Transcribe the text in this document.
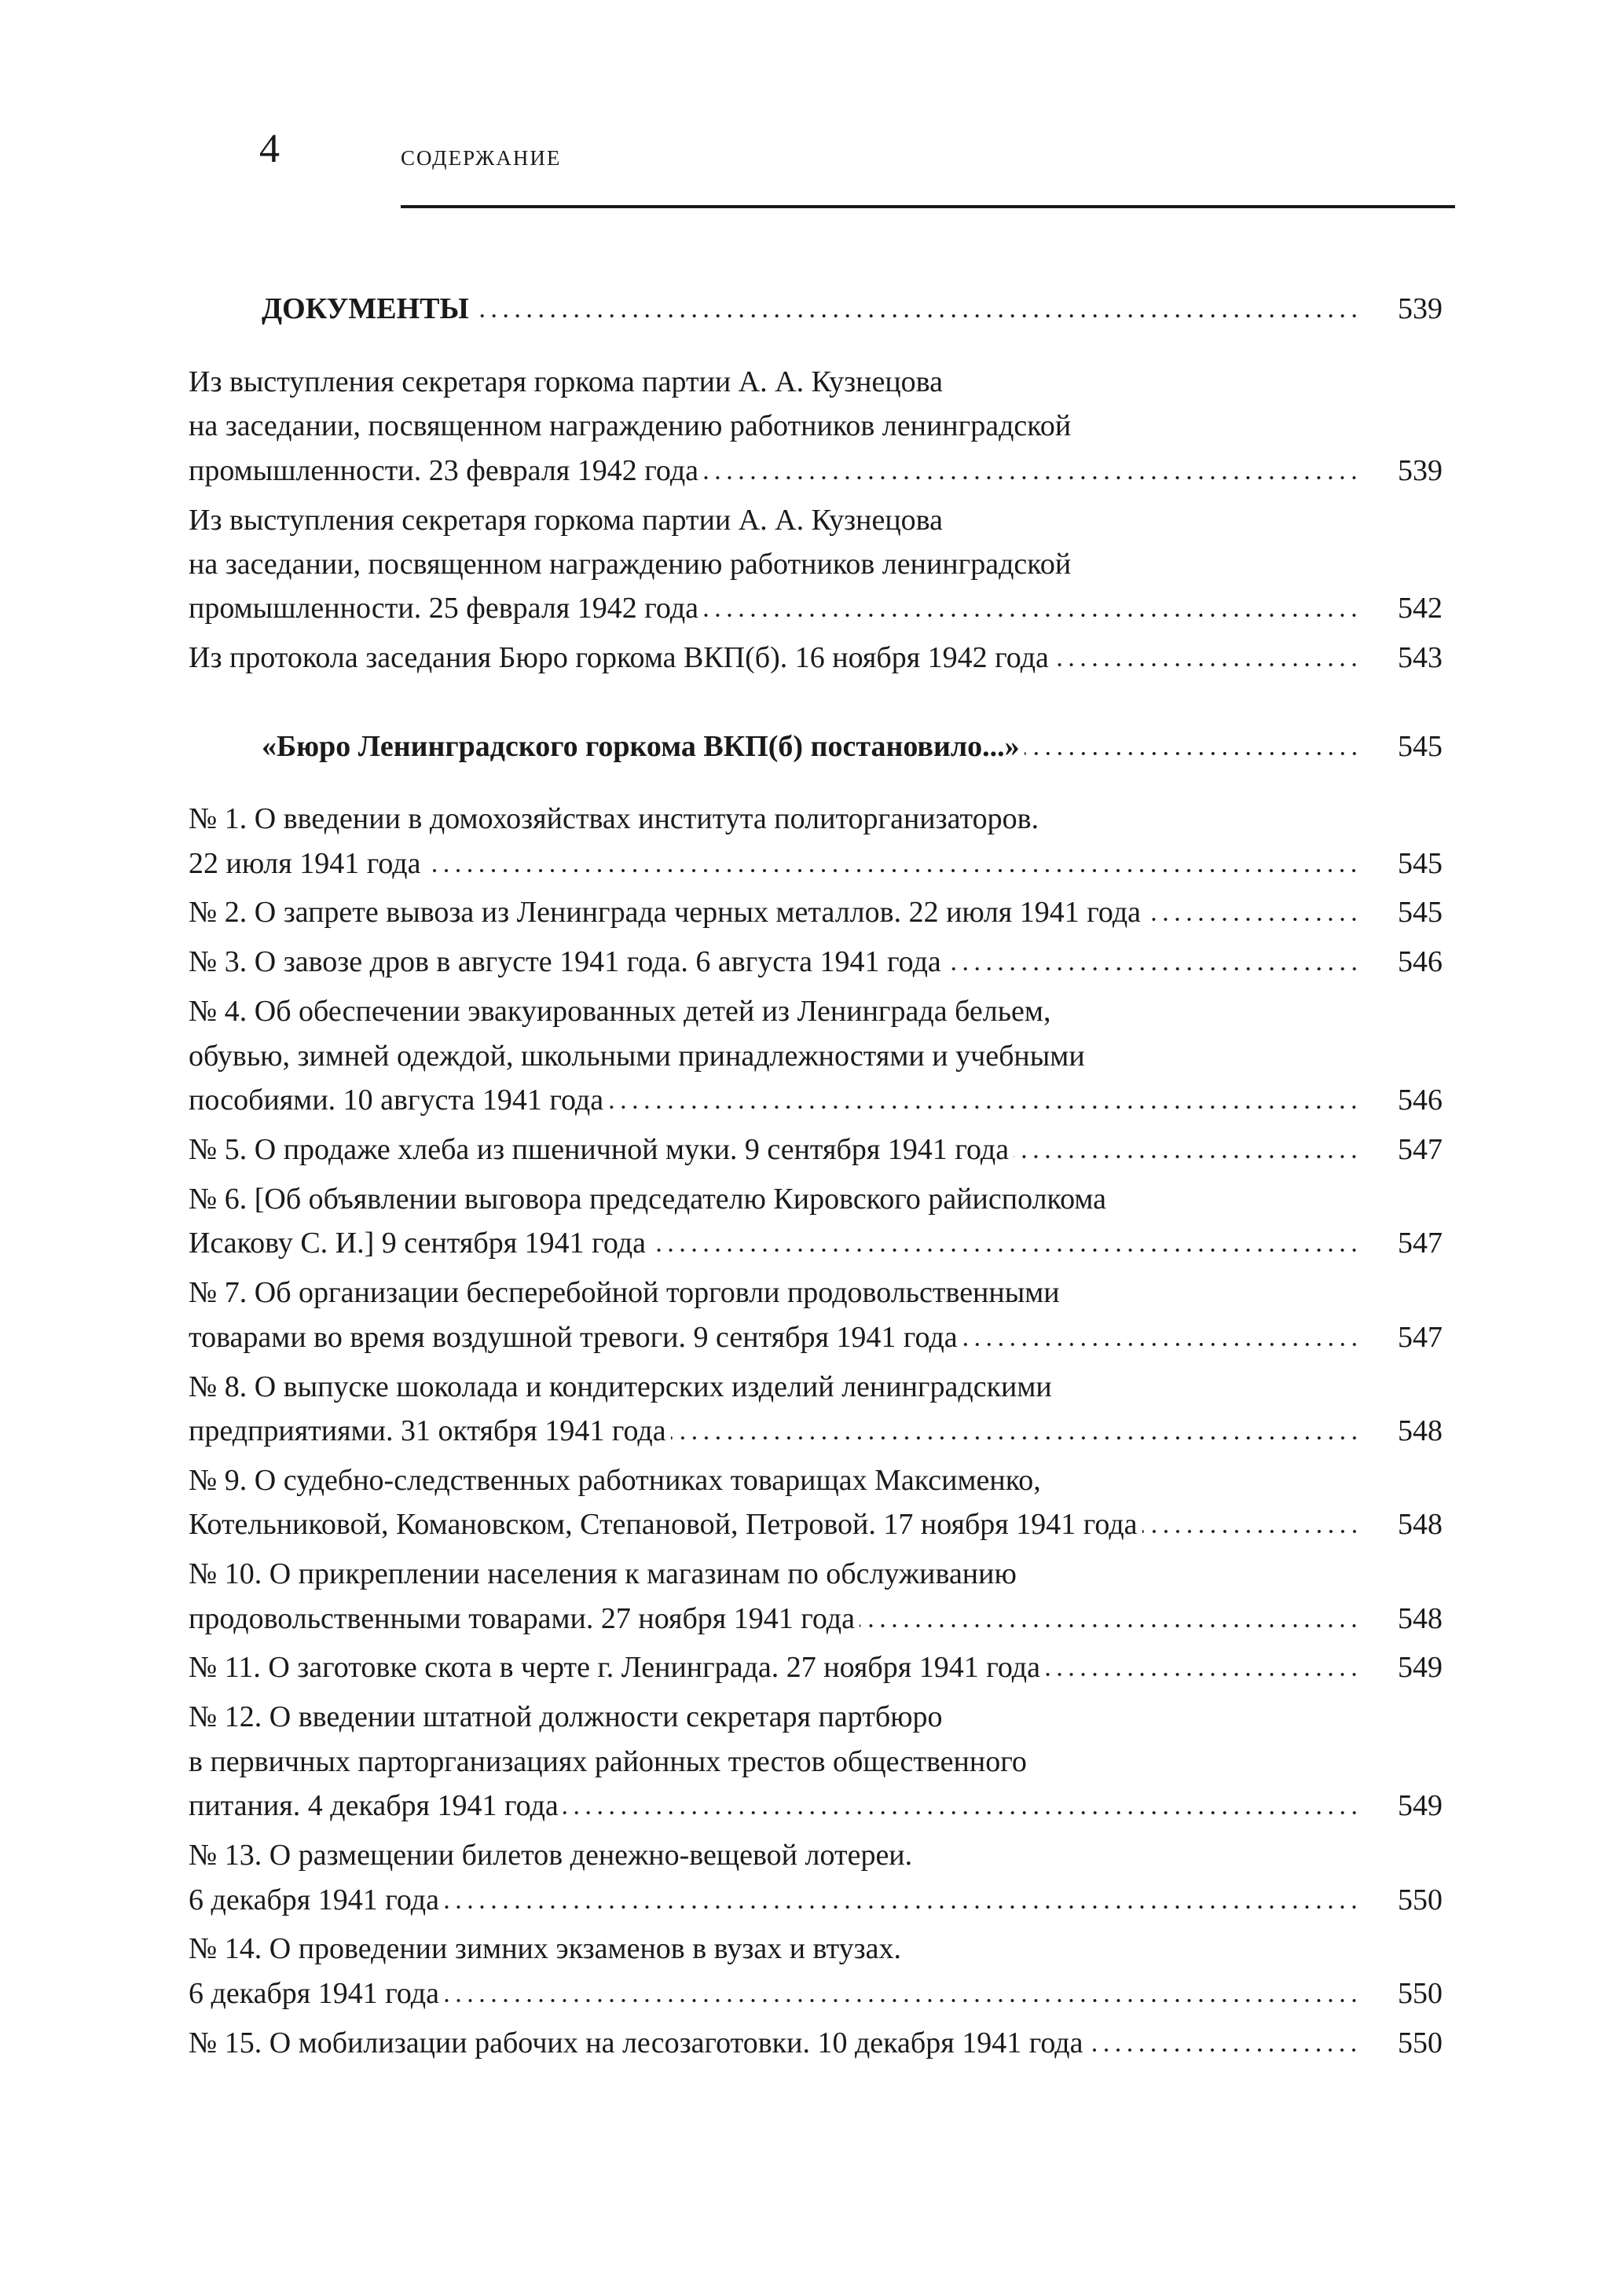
4	СОДЕРЖАНИЕ
ДОКУМЕНТЫ	539
Из выступления секретаря горкома партии А. А. Кузнецова
на заседании, посвященном награждению работников ленинградской
промышленности. 23 февраля 1942 года	539
Из выступления секретаря горкома партии А. А. Кузнецова
на заседании, посвященном награждению работников ленинградской
промышленности. 25 февраля 1942 года	542
Из протокола заседания Бюро горкома ВКП(б). 16 ноября 1942 года	543
«Бюро Ленинградского горкома ВКП(б) постановило...»	545
№ 1. О введении в домохозяйствах института политорганизаторов.
22 июля 1941 года	545
№ 2. О запрете вывоза из Ленинграда черных металлов. 22 июля 1941 года	545
№ 3. О завозе дров в августе 1941 года. 6 августа 1941 года	546
№ 4. Об обеспечении эвакуированных детей из Ленинграда бельем,
обувью, зимней одеждой, школьными принадлежностями и учебными
пособиями. 10 августа 1941 года	546
№ 5. О продаже хлеба из пшеничной муки. 9 сентября 1941 года	547
№ 6. [Об объявлении выговора председателю Кировского райисполкома
Исакову С. И.] 9 сентября 1941 года	547
№ 7. Об организации бесперебойной торговли продовольственными
товарами во время воздушной тревоги. 9 сентября 1941 года	547
№ 8. О выпуске шоколада и кондитерских изделий ленинградскими
предприятиями. 31 октября 1941 года	548
№ 9. О судебно-следственных работниках товарищах Максименко,
Котельниковой, Комановском, Степановой, Петровой. 17 ноября 1941 года	548
№ 10. О прикреплении населения к магазинам по обслуживанию
продовольственными товарами. 27 ноября 1941 года	548
№ 11. О заготовке скота в черте г. Ленинграда. 27 ноября 1941 года	549
№ 12. О введении штатной должности секретаря партбюро
в первичных парторганизациях районных трестов общественного
питания. 4 декабря 1941 года	549
№ 13. О размещении билетов денежно-вещевой лотереи.
6 декабря 1941 года	550
№ 14. О проведении зимних экзаменов в вузах и втузах.
6 декабря 1941 года	550
№ 15. О мобилизации рабочих на лесозаготовки. 10 декабря 1941 года	550
